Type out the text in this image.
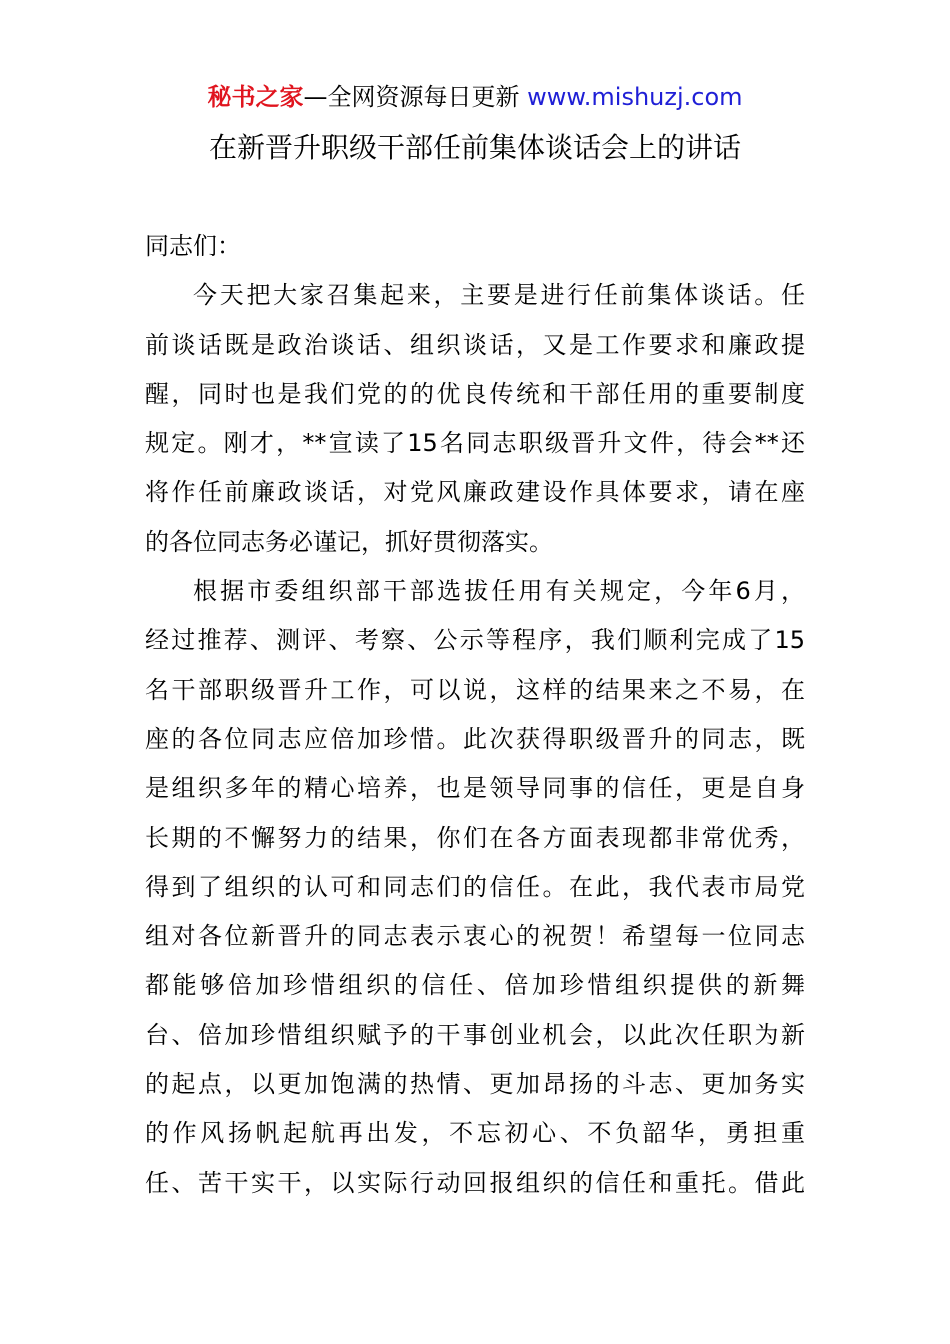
秘书之家—全网资源每日更新 www.mishuzj.com
在新晋升职级干部任前集体谈话会上的讲话
同志们：
今天把大家召集起来，主要是进行任前集体谈话。任
前谈话既是政治谈话、组织谈话，又是工作要求和廉政提
醒，同时也是我们党的的优良传统和干部任用的重要制度
规定。刚才，**宣读了15名同志职级晋升文件，待会**还
将作任前廉政谈话，对党风廉政建设作具体要求，请在座
的各位同志务必谨记，抓好贯彻落实。
根据市委组织部干部选拔任用有关规定，今年6月，
经过推荐、测评、考察、公示等程序，我们顺利完成了15
名干部职级晋升工作，可以说，这样的结果来之不易，在
座的各位同志应倍加珍惜。此次获得职级晋升的同志，既
是组织多年的精心培养，也是领导同事的信任，更是自身
长期的不懈努力的结果，你们在各方面表现都非常优秀，
得到了组织的认可和同志们的信任。在此，我代表市局党
组对各位新晋升的同志表示衷心的祝贺！希望每一位同志
都能够倍加珍惜组织的信任、倍加珍惜组织提供的新舞
台、倍加珍惜组织赋予的干事创业机会，以此次任职为新
的起点，以更加饱满的热情、更加昂扬的斗志、更加务实
的作风扬帆起航再出发，不忘初心、不负韶华，勇担重
任、苦干实干，以实际行动回报组织的信任和重托。借此
